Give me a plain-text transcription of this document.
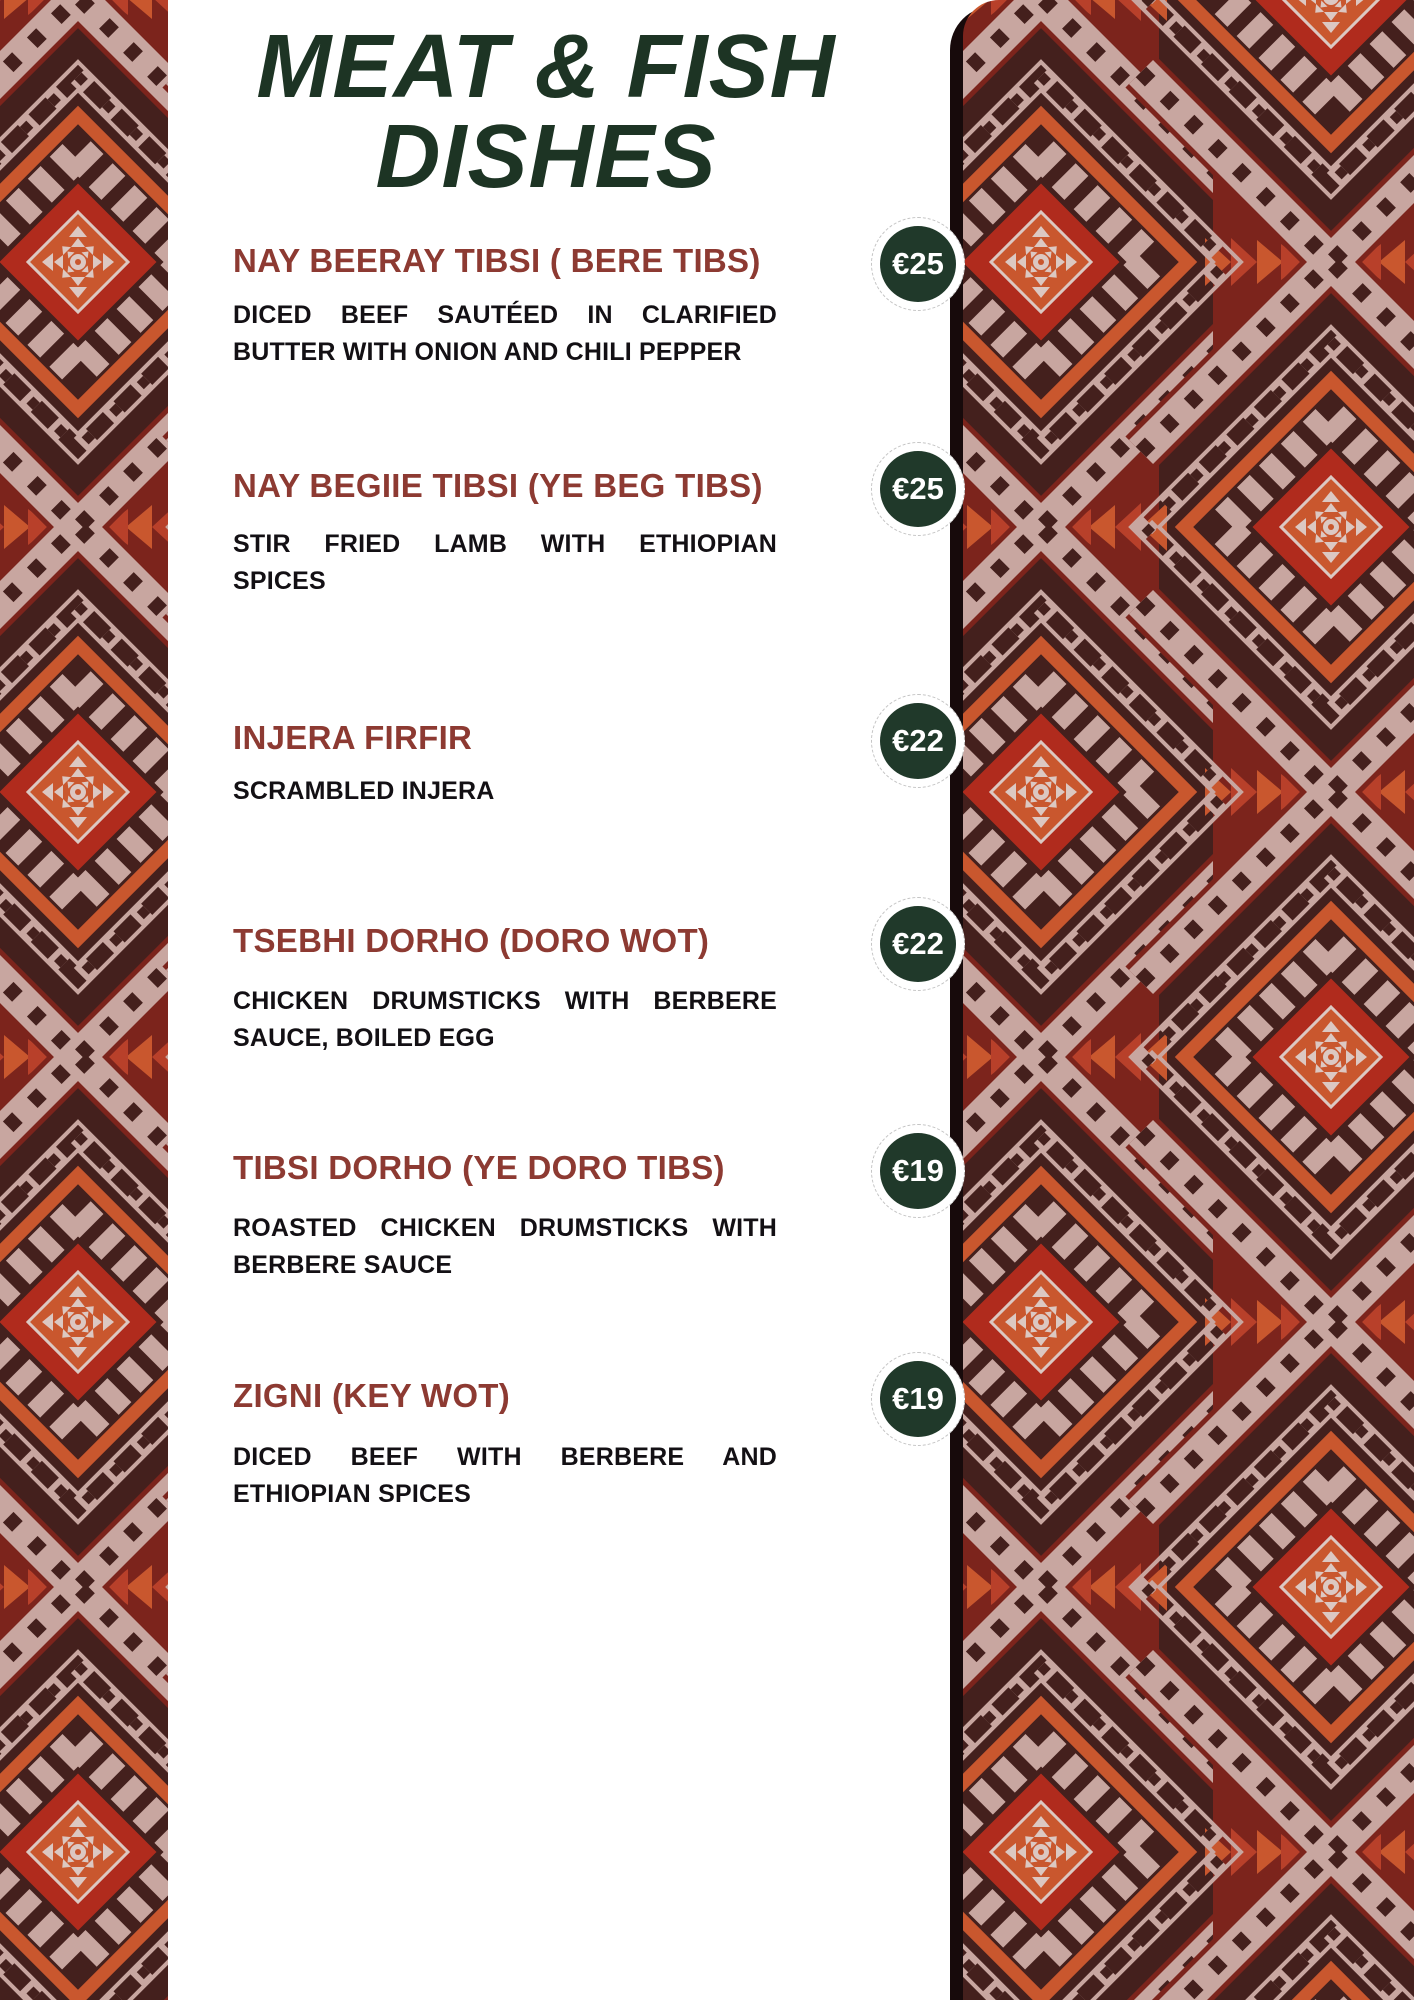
MEAT & FISH
DISHES
NAY BEERAY TIBSI ( BERE TIBS)
DICED BEEF SAUTÉED IN CLARIFIED
BUTTER WITH ONION AND CHILI PEPPER
€25
NAY BEGIIE TIBSI (YE BEG TIBS)
STIR FRIED LAMB WITH ETHIOPIAN
SPICES
€25
INJERA FIRFIR
SCRAMBLED INJERA
€22
TSEBHI DORHO (DORO WOT)
CHICKEN DRUMSTICKS WITH BERBERE
SAUCE, BOILED EGG
€22
TIBSI DORHO (YE DORO TIBS)
ROASTED CHICKEN DRUMSTICKS WITH
BERBERE SAUCE
€19
ZIGNI (KEY WOT)
DICED BEEF WITH BERBERE AND
ETHIOPIAN SPICES
€19
